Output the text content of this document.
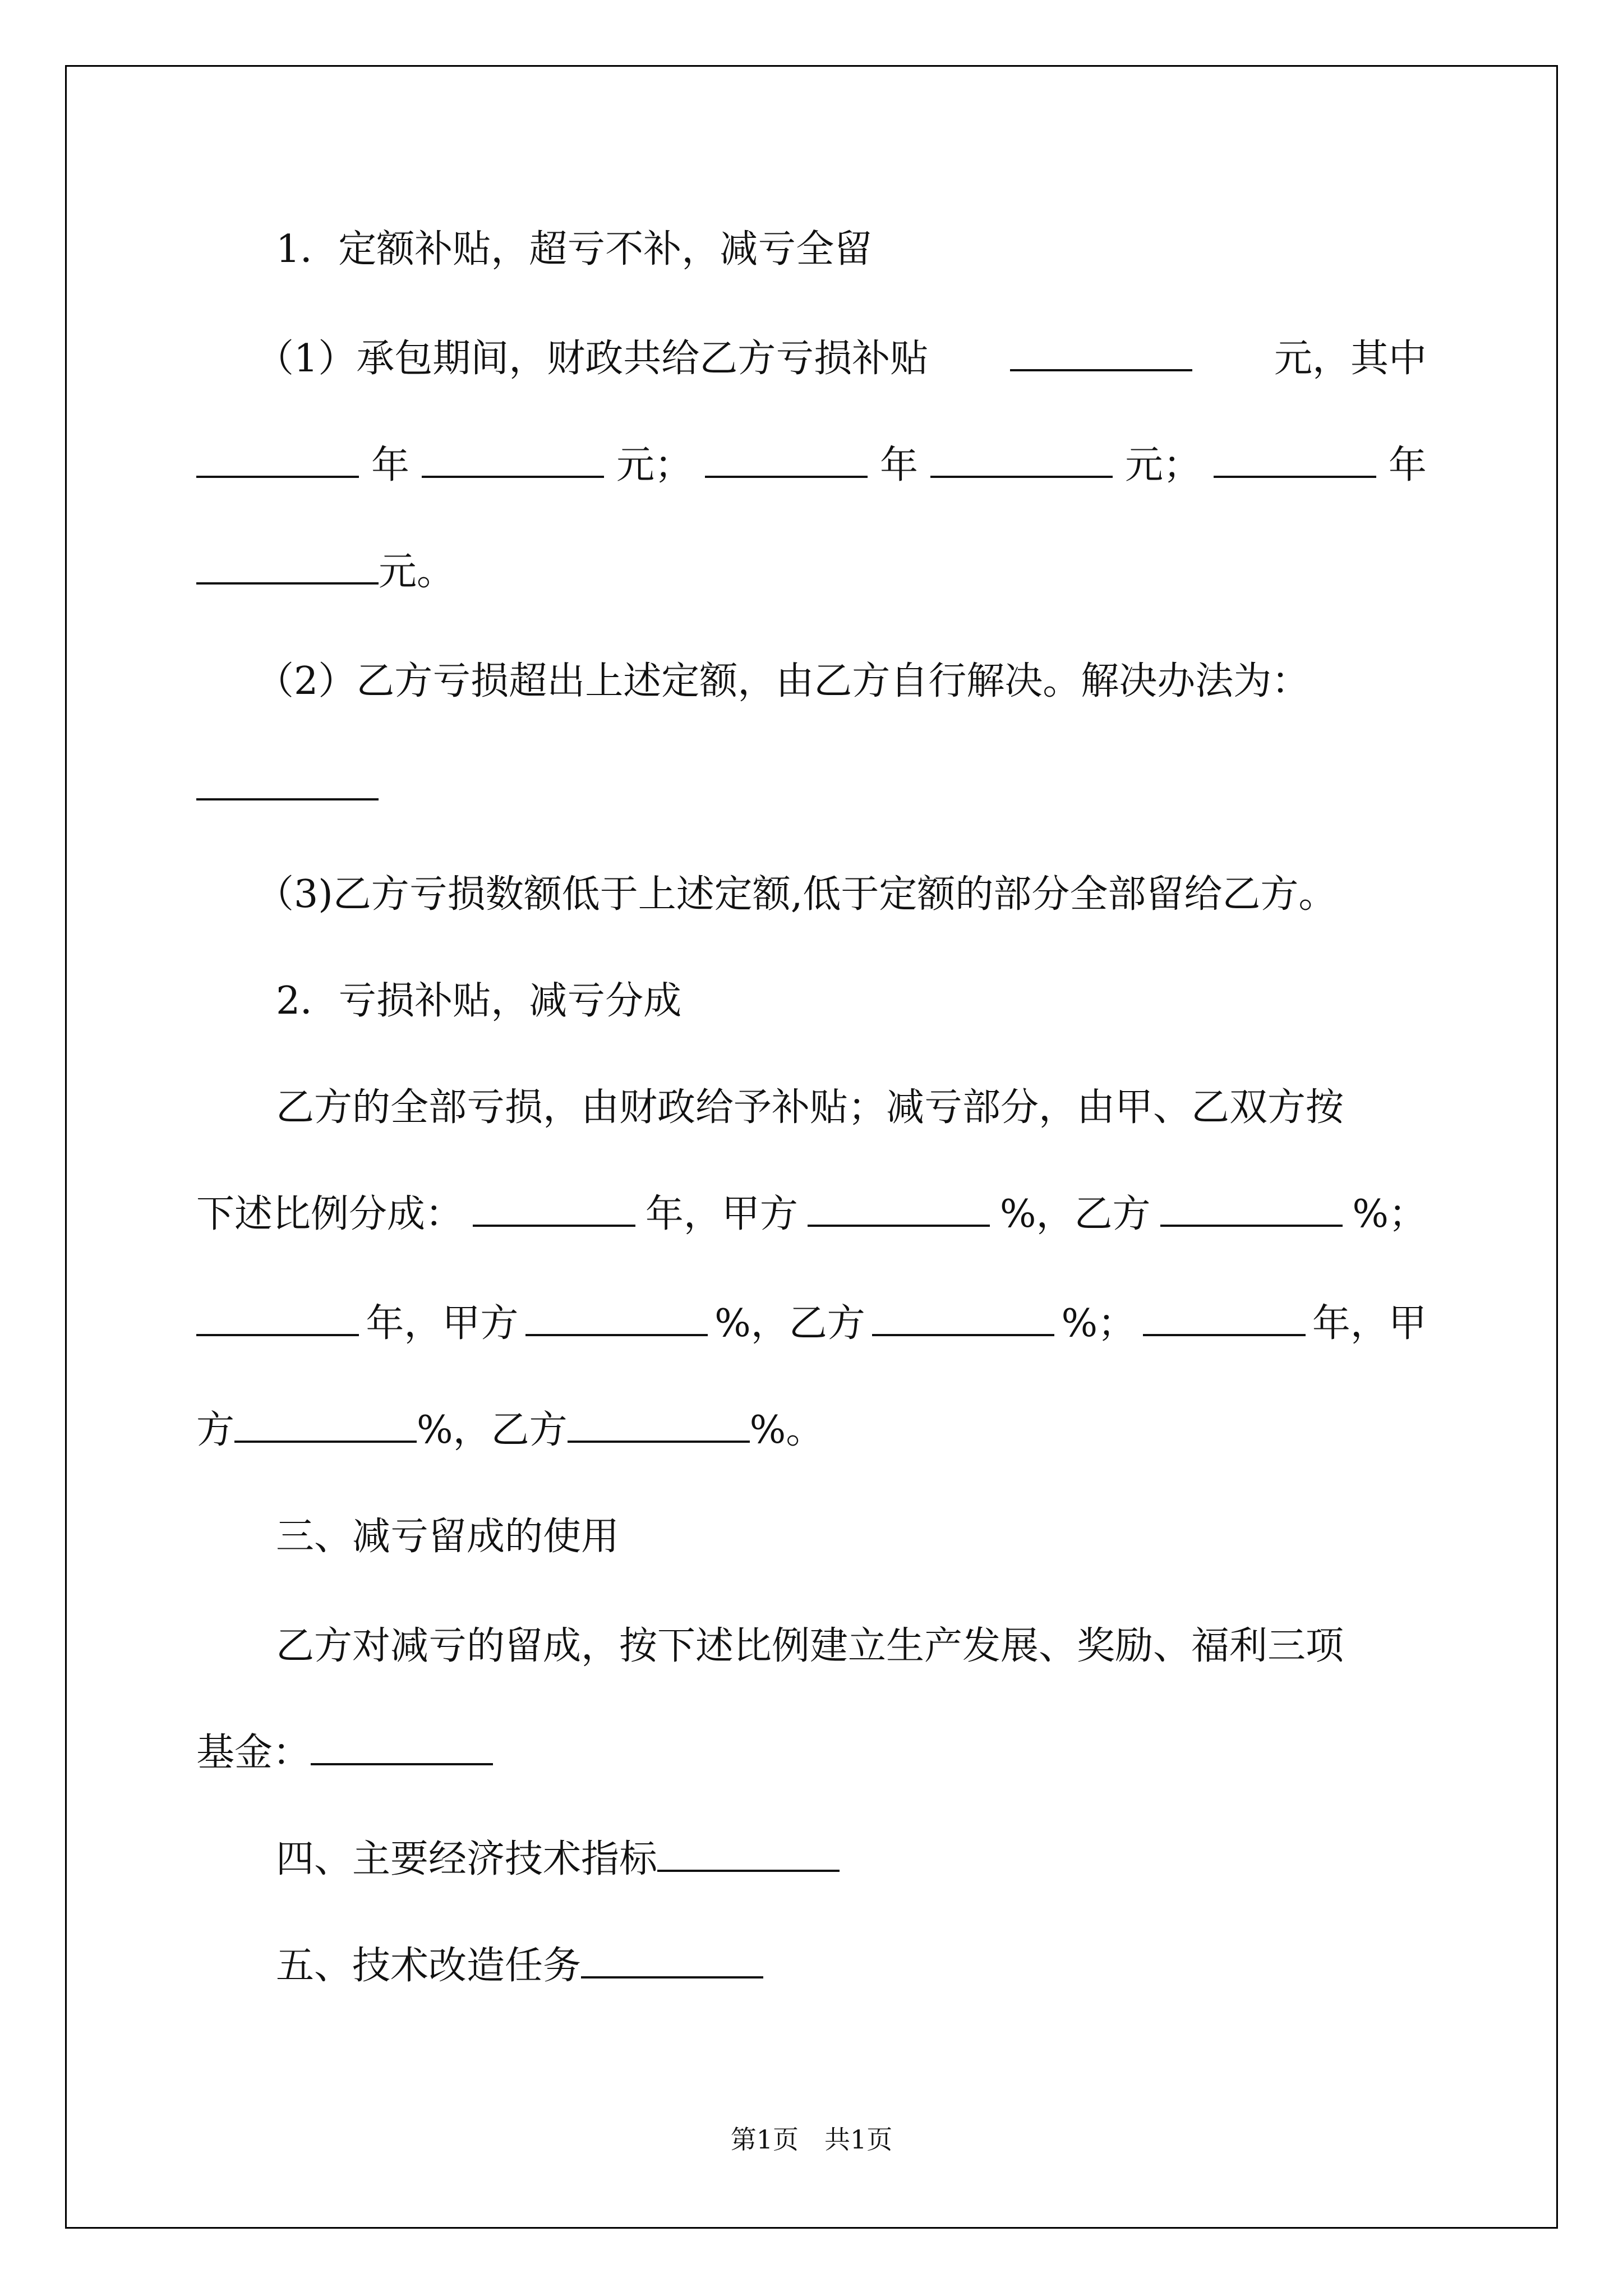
1．定额补贴，超亏不补，减亏全留
（1）承包期间，财政共给乙方亏损补贴	元，其中
年	元；	年	元；	年
元。
（2）乙方亏损超出上述定额，由乙方自行解决。解决办法为：
（3)乙方亏损数额低于上述定额,低于定额的部分全部留给乙方。
2．亏损补贴，减亏分成
乙方的全部亏损，由财政给予补贴；减亏部分，由甲、乙双方按
下述比例分成：	年，甲方	%，乙方	%；
年，甲方	%，乙方	%；	年，甲
方	%，乙方	%。
三、减亏留成的使用
乙方对减亏的留成，按下述比例建立生产发展、奖励、福利三项
基金：
四、主要经济技术指标
五、技术改造任务
第1页　共1页
